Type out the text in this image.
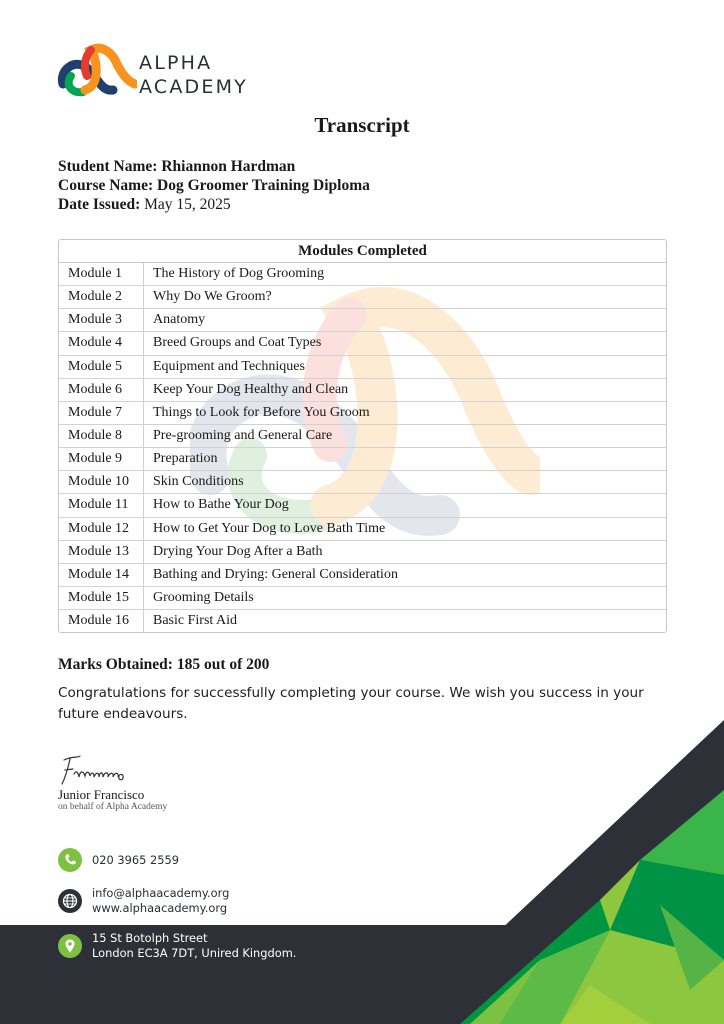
ALPHA
ACADEMY
Transcript
Student Name: Rhiannon Hardman
Course Name: Dog Groomer Training Diploma
Date Issued: May 15, 2025
Modules Completed	
Module 1	The History of Dog Grooming
Module 2	Why Do We Groom?
Module 3	Anatomy
Module 4	Breed Groups and Coat Types
Module 5	Equipment and Techniques
Module 6	Keep Your Dog Healthy and Clean
Module 7	Things to Look for Before You Groom
Module 8	Pre-grooming and General Care
Module 9	Preparation
Module 10	Skin Conditions
Module 11	How to Bathe Your Dog
Module 12	How to Get Your Dog to Love Bath Time
Module 13	Drying Your Dog After a Bath
Module 14	Bathing and Drying: General Consideration
Module 15	Grooming Details
Module 16	Basic First Aid
Marks Obtained: 185 out of 200
Congratulations for successfully completing your course. We wish you success in your future endeavours.
Junior Francisco
on behalf of Alpha Academy
020 3965 2559
info@alphaacademy.org
www.alphaacademy.org
15 St Botolph Street
London EC3A 7DT, Unired Kingdom.
